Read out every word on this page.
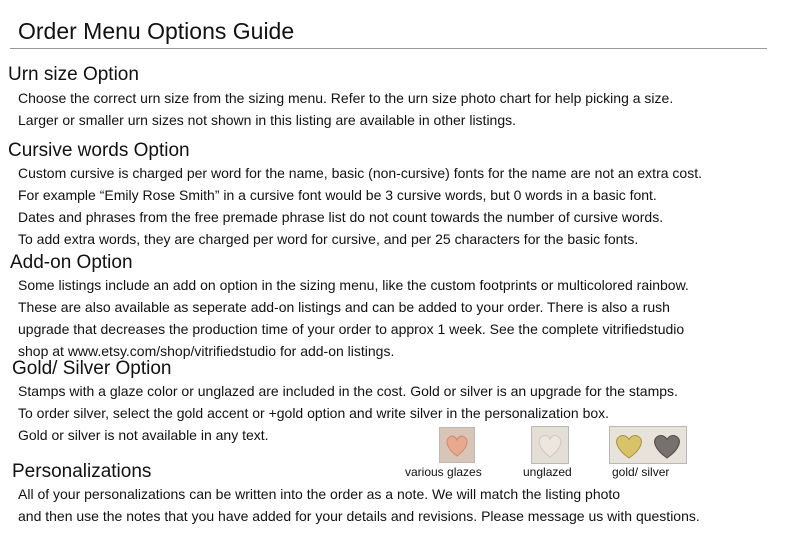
Order Menu Options Guide
Urn size Option
Choose the correct urn size from the sizing menu. Refer to the urn size photo chart for help picking a size.
Larger or smaller urn sizes not shown in this listing are available in other listings.
Cursive words Option
Custom cursive is charged per word for the name, basic (non-cursive) fonts for the name are not an extra cost.
For example “Emily Rose Smith” in a cursive font would be 3 cursive words, but 0 words in a basic font.
Dates and phrases from the free premade phrase list do not count towards the number of cursive words.
To add extra words, they are charged per word for cursive, and per 25 characters for the basic fonts.
Add-on Option
Some listings include an add on option in the sizing menu, like the custom footprints or multicolored rainbow.
These are also available as seperate add-on listings and can be added to your order. There is also a rush
upgrade that decreases the production time of your order to approx 1 week. See the complete vitrifiedstudio
shop at www.etsy.com/shop/vitrifiedstudio for add-on listings.
Gold/ Silver Option
Stamps with a glaze color or unglazed are included in the cost. Gold or silver is an upgrade for the stamps.
To order silver, select the gold accent or +gold option and write silver in the personalization box.
Gold or silver is not available in any text.
various glazes	unglazed	gold/ silver
Personalizations
All of your personalizations can be written into the order as a note. We will match the listing photo
and then use the notes that you have added for your details and revisions. Please message us with questions.
